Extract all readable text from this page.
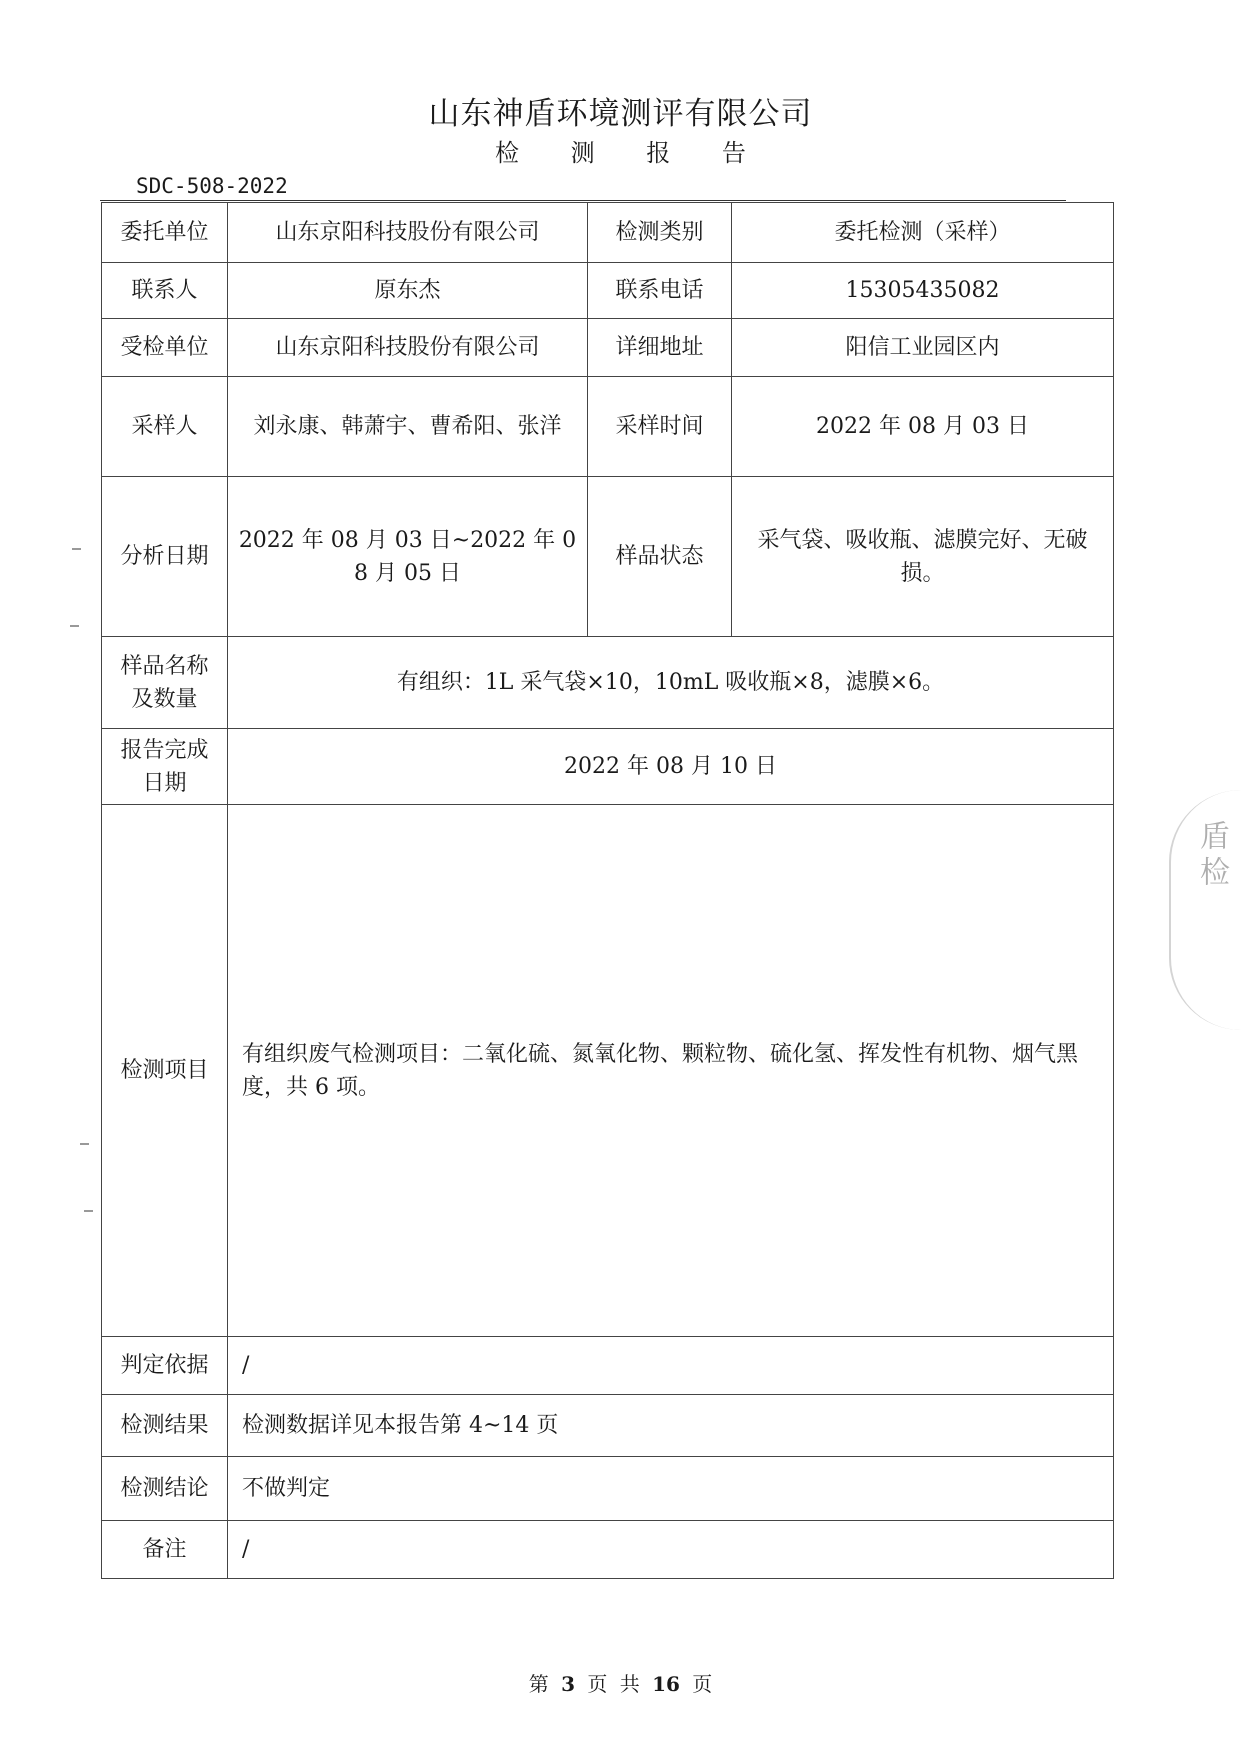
山东神盾环境测评有限公司
检 测 报 告
SDC-508-2022
委托单位	山东京阳科技股份有限公司	检测类别	委托检测（采样）
联系人	原东杰	联系电话	15305435082
受检单位	山东京阳科技股份有限公司	详细地址	阳信工业园区内
采样人	刘永康、韩萧宇、曹希阳、张洋	采样时间	2022 年 08 月 03 日
分析日期	2022 年 08 月 03 日~2022 年 08 月 05 日	样品状态	采气袋、吸收瓶、滤膜完好、无破损。
样品名称及数量	有组织：1L 采气袋×10，10mL 吸收瓶×8，滤膜×6。		
报告完成日期	2022 年 08 月 10 日		
检测项目	有组织废气检测项目：二氧化硫、氮氧化物、颗粒物、硫化氢、挥发性有机物、烟气黑度，共 6 项。		
判定依据	/		
检测结果	检测数据详见本报告第 4~14 页		
检测结论	不做判定		
备注	/		
第 3 页 共 16 页
盾检
